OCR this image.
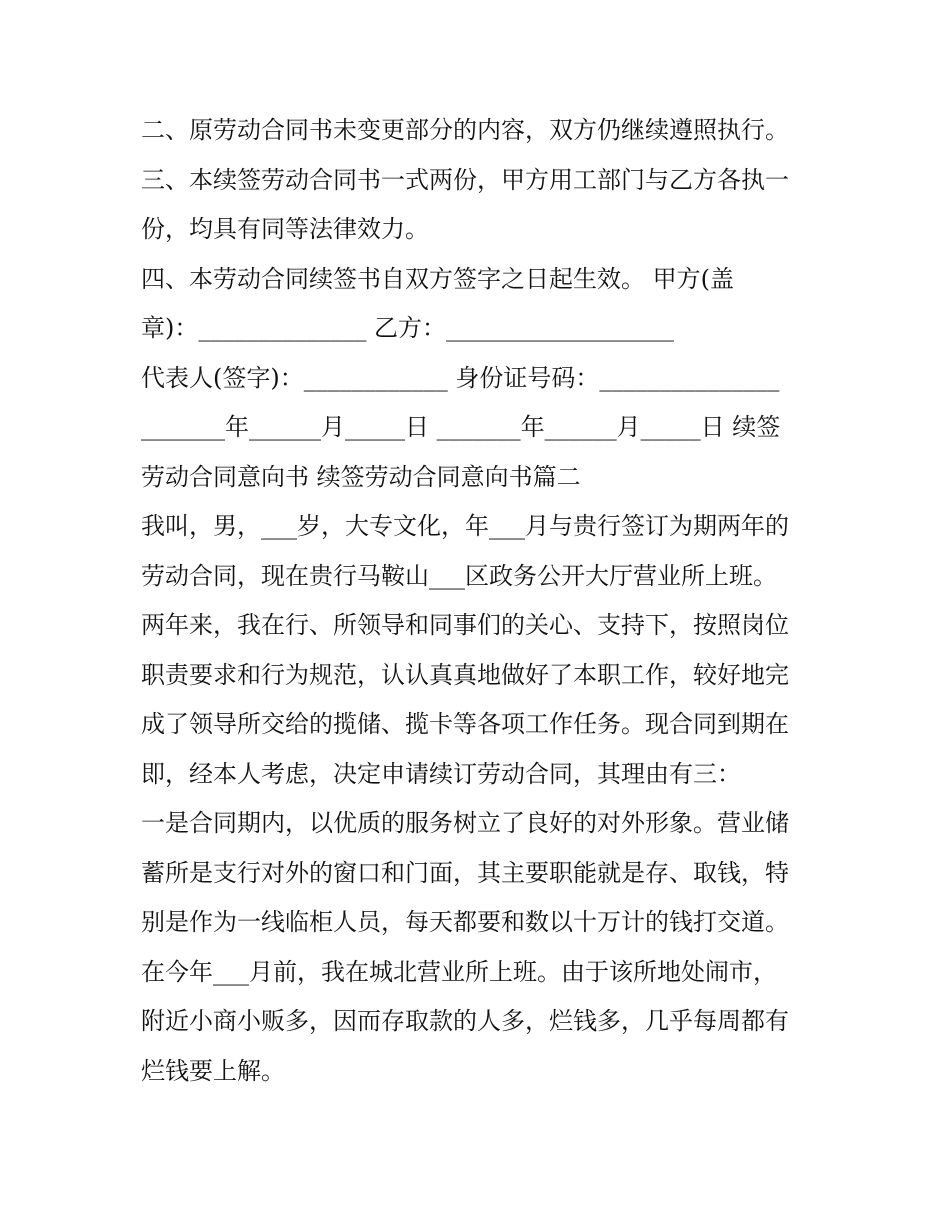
二、原劳动合同书未变更部分的内容，双方仍继续遵照执行。
三、本续签劳动合同书一式两份，甲方用工部门与乙方各执一
份，均具有同等法律效力。
四、本劳动合同续签书自双方签字之日起生效。 甲方(盖
章)：______________ 乙方：___________________
代表人(签字)：____________ 身份证号码：_______________
_______年______月_____日 _______年______月_____日 续签
劳动合同意向书 续签劳动合同意向书篇二
我叫，男，___岁，大专文化，年___月与贵行签订为期两年的
劳动合同，现在贵行马鞍山___区政务公开大厅营业所上班。
两年来，我在行、所领导和同事们的关心、支持下，按照岗位
职责要求和行为规范，认认真真地做好了本职工作，较好地完
成了领导所交给的揽储、揽卡等各项工作任务。现合同到期在
即，经本人考虑，决定申请续订劳动合同，其理由有三：
一是合同期内，以优质的服务树立了良好的对外形象。营业储
蓄所是支行对外的窗口和门面，其主要职能就是存、取钱，特
别是作为一线临柜人员，每天都要和数以十万计的钱打交道。
在今年___月前，我在城北营业所上班。由于该所地处闹市，
附近小商小贩多，因而存取款的人多，烂钱多，几乎每周都有
烂钱要上解。
